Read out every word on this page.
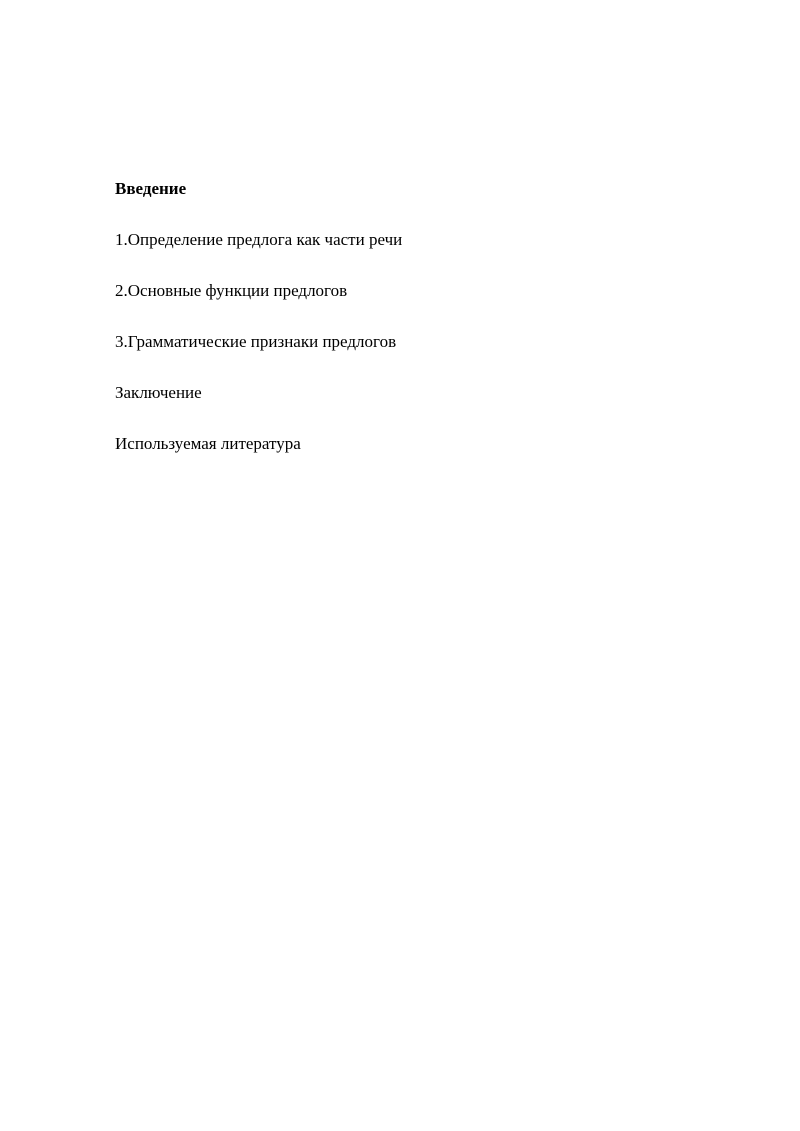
Введение
1.Определение предлога как части речи
2.Основные функции предлогов
3.Грамматические признаки предлогов
Заключение
Используемая литература
